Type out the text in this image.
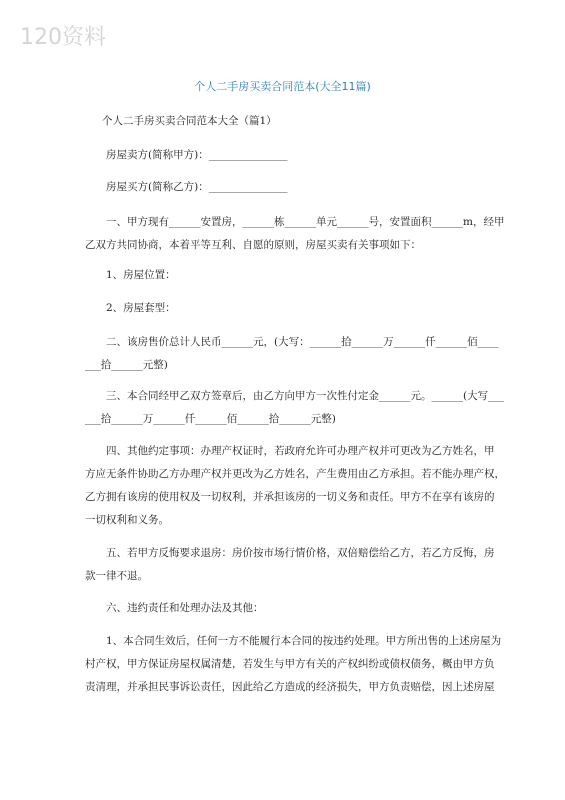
120资料
个人二手房买卖合同范本(大全11篇)
个人二手房买卖合同范本大全（篇1）
房屋卖方(简称甲方)：_______________
房屋买方(简称乙方)：_______________
一、甲方现有______安置房，______栋______单元______号，安置面积______m，经甲
乙双方共同协商，本着平等互利、自愿的原则，房屋买卖有关事项如下：
1、房屋位置：
2、房屋套型：
二、该房售价总计人民币______元，(大写：______拾______万______仟______佰____
___拾______元整)
三、本合同经甲乙双方签章后，由乙方向甲方一次性付定金______元。______(大写___
___拾______万______仟______佰______拾______元整)
四、其他约定事项：办理产权证时，若政府允许可办理产权并可更改为乙方姓名，甲
方应无条件协助乙方办理产权并更改为乙方姓名，产生费用由乙方承担。若不能办理产权，
乙方拥有该房的使用权及一切权利，并承担该房的一切义务和责任。甲方不在享有该房的
一切权利和义务。
五、若甲方反悔要求退房：房价按市场行情价格，双倍赔偿给乙方，若乙方反悔，房
款一律不退。
六、违约责任和处理办法及其他：
1、本合同生效后，任何一方不能履行本合同的按违约处理。甲方所出售的上述房屋为
村产权，甲方保证房屋权属清楚，若发生与甲方有关的产权纠纷或债权债务，概由甲方负
责清理，并承担民事诉讼责任，因此给乙方造成的经济损失，甲方负责赔偿，因上述房屋
